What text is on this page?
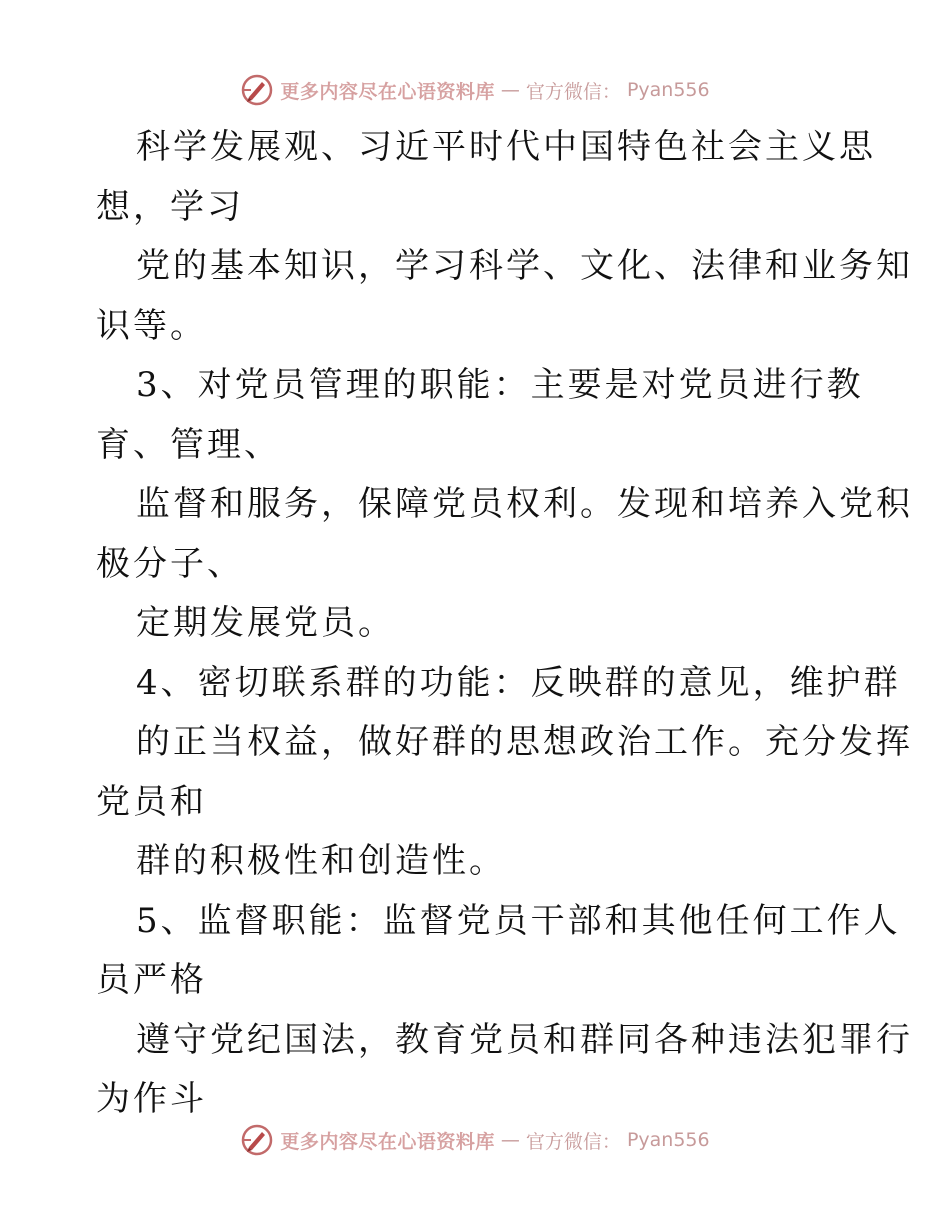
更多内容尽在心语资料库 — 官方微信： Pyan556
科学发展观、习近平时代中国特色社会主义思
想，学习
党的基本知识，学习科学、文化、法律和业务知
识等。
3、对党员管理的职能：主要是对党员进行教
育、管理、
监督和服务，保障党员权利。发现和培养入党积
极分子、
定期发展党员。
4、密切联系群的功能：反映群的意见，维护群
的正当权益，做好群的思想政治工作。充分发挥
党员和
群的积极性和创造性。
5、监督职能：监督党员干部和其他任何工作人
员严格
遵守党纪国法，教育党员和群同各种违法犯罪行
为作斗
更多内容尽在心语资料库 — 官方微信： Pyan556
